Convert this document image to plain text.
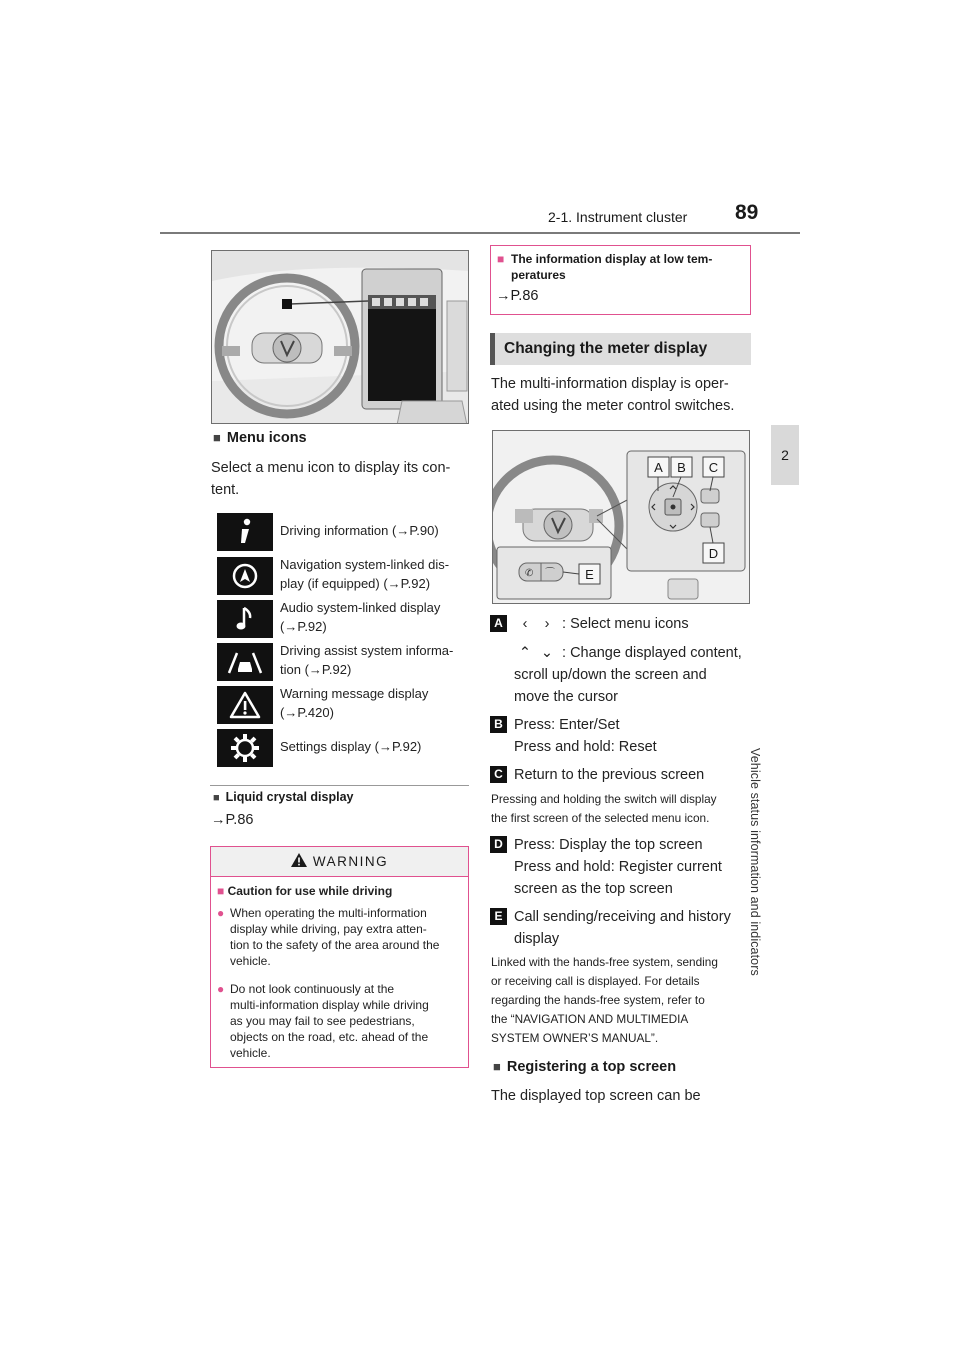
2-1. Instrument cluster 89
2
Vehicle status information and indicators
■ Menu icons
Select a menu icon to display its con-
tent.
Driving information (→P.90)
Navigation system-linked dis-
play (if equipped) (→P.92)
Audio system-linked display
(→P.92)
Driving assist system informa-
tion (→P.92)
Warning message display
(→P.420)
Settings display (→P.92)
■ Liquid crystal display
→P.86
WARNING
■ Caution for use while driving
● When operating the multi-information
display while driving, pay extra atten-
tion to the safety of the area around the
vehicle.
● Do not look continuously at the
multi-information display while driving
as you may fail to see pedestrians,
objects on the road, etc. ahead of the
vehicle.
■ The information display at low tem-
peratures
→P.86
Changing the meter display
The multi-information display is oper-
ated using the meter control switches.
✆ ⌒
A	B	C
D
E
A	‹ › : Select menu icons
⌃ ⌄ : Change displayed content,
scroll up/down the screen and
move the cursor
B Press: Enter/Set
Press and hold: Reset
C Return to the previous screen
Pressing and holding the switch will display
the first screen of the selected menu icon.
D Press: Display the top screen
Press and hold: Register current
screen as the top screen
E Call sending/receiving and history
display
Linked with the hands-free system, sending
or receiving call is displayed. For details
regarding the hands-free system, refer to
the “NAVIGATION AND MULTIMEDIA
SYSTEM OWNER’S MANUAL”.
■ Registering a top screen
The displayed top screen can be
